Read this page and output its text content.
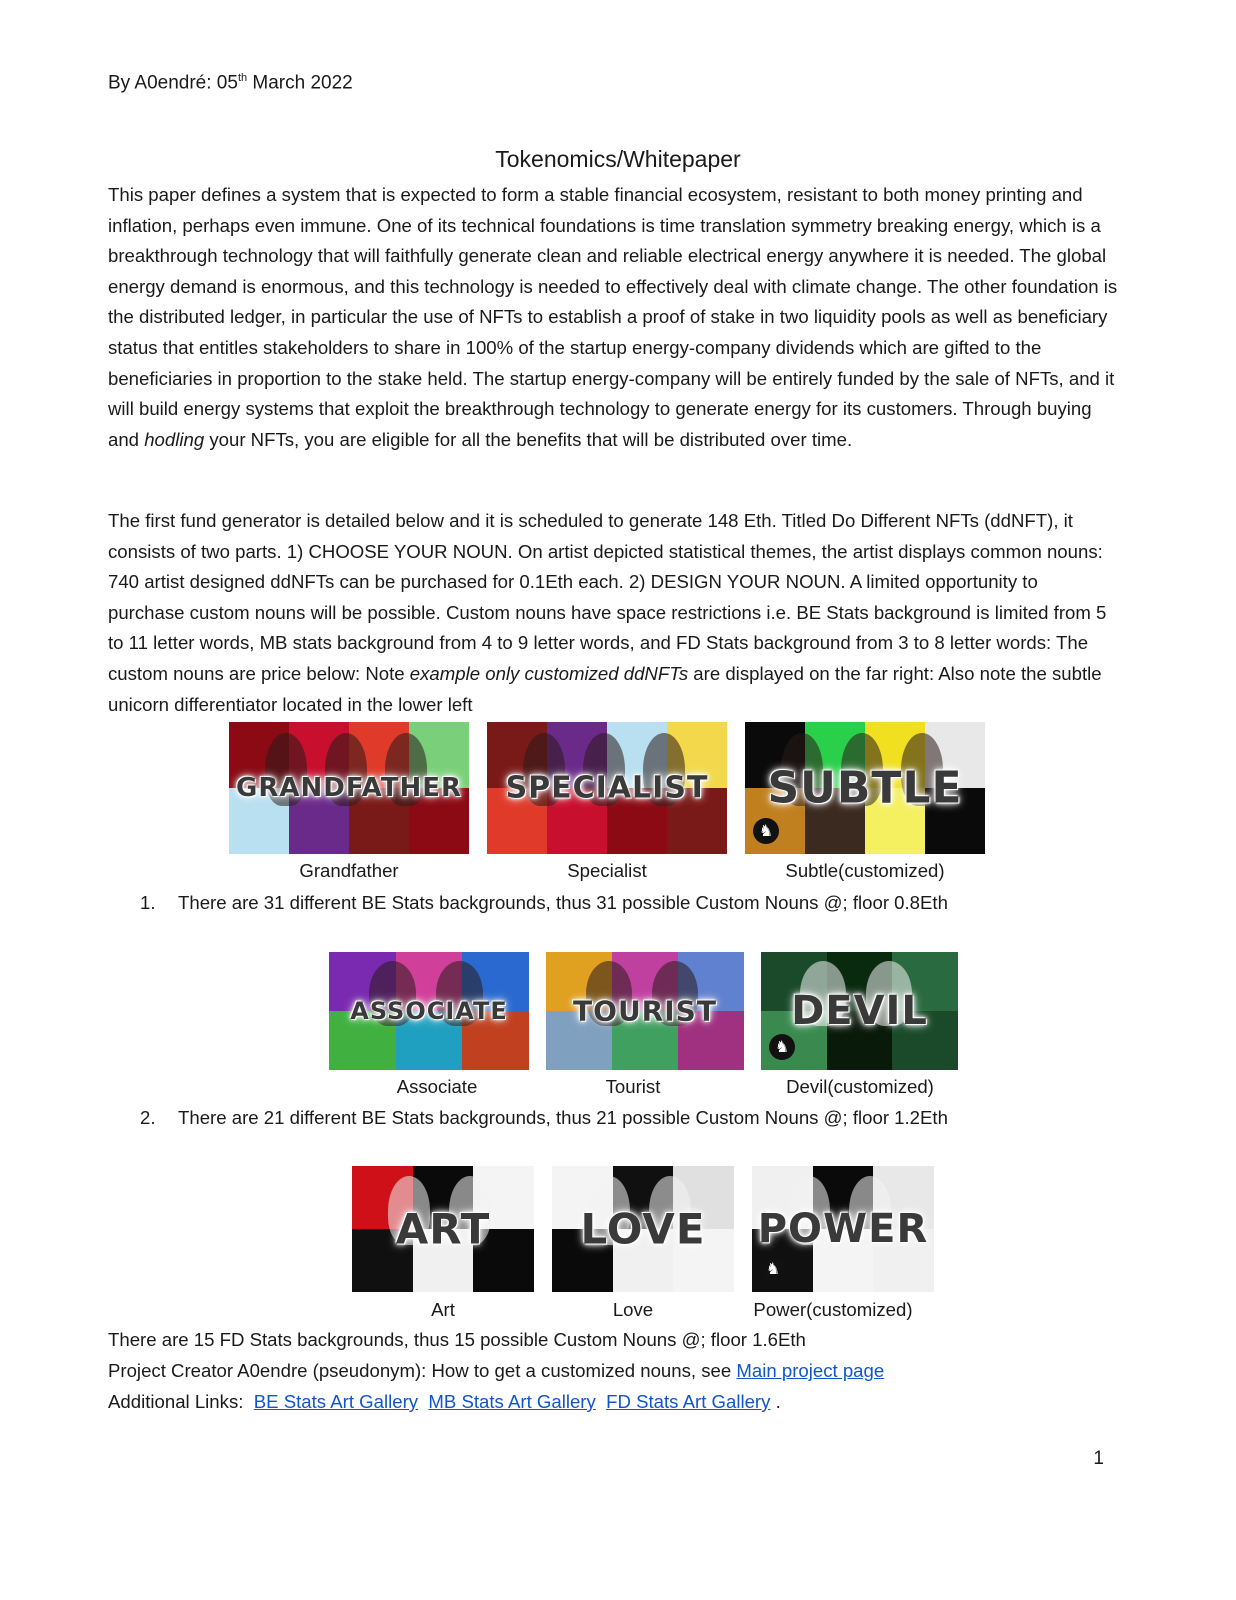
By A0endré: 05th March 2022
Tokenomics/Whitepaper
This paper defines a system that is expected to form a stable financial ecosystem, resistant to both money printing and inflation, perhaps even immune. One of its technical foundations is time translation symmetry breaking energy, which is a breakthrough technology that will faithfully generate clean and reliable electrical energy anywhere it is needed. The global energy demand is enormous, and this technology is needed to effectively deal with climate change. The other foundation is the distributed ledger, in particular the use of NFTs to establish a proof of stake in two liquidity pools as well as beneficiary status that entitles stakeholders to share in 100% of the startup energy-company dividends which are gifted to the beneficiaries in proportion to the stake held. The startup energy-company will be entirely funded by the sale of NFTs, and it will build energy systems that exploit the breakthrough technology to generate energy for its customers. Through buying and hodling your NFTs, you are eligible for all the benefits that will be distributed over time.
The first fund generator is detailed below and it is scheduled to generate 148 Eth. Titled Do Different NFTs (ddNFT), it consists of two parts. 1) CHOOSE YOUR NOUN. On artist depicted statistical themes, the artist displays common nouns: 740 artist designed ddNFTs can be purchased for 0.1Eth each. 2) DESIGN YOUR NOUN. A limited opportunity to purchase custom nouns will be possible. Custom nouns have space restrictions i.e. BE Stats background is limited from 5 to 11 letter words, MB stats background from 4 to 9 letter words, and FD Stats background from 3 to 8 letter words: The custom nouns are price below: Note example only customized ddNFTs are displayed on the far right: Also note the subtle unicorn differentiator located in the lower left
GRANDFATHER	SPECIALIST	SUBTLE
♞
Grandfather	Specialist	Subtle(customized)
1. There are 31 different BE Stats backgrounds, thus 31 possible Custom Nouns @; floor 0.8Eth
ASSOCIATE	TOURIST	DEVIL
♞
Associate	Tourist	Devil(customized)
2. There are 21 different BE Stats backgrounds, thus 21 possible Custom Nouns @; floor 1.2Eth
ART	LOVE	POWER
♞
Art	Love	Power(customized)
There are 15 FD Stats backgrounds, thus 15 possible Custom Nouns @; floor 1.6Eth
Project Creator A0endre (pseudonym): How to get a customized nouns, see Main project page
Additional Links:  BE Stats Art Gallery MB Stats Art Gallery FD Stats Art Gallery .
1
